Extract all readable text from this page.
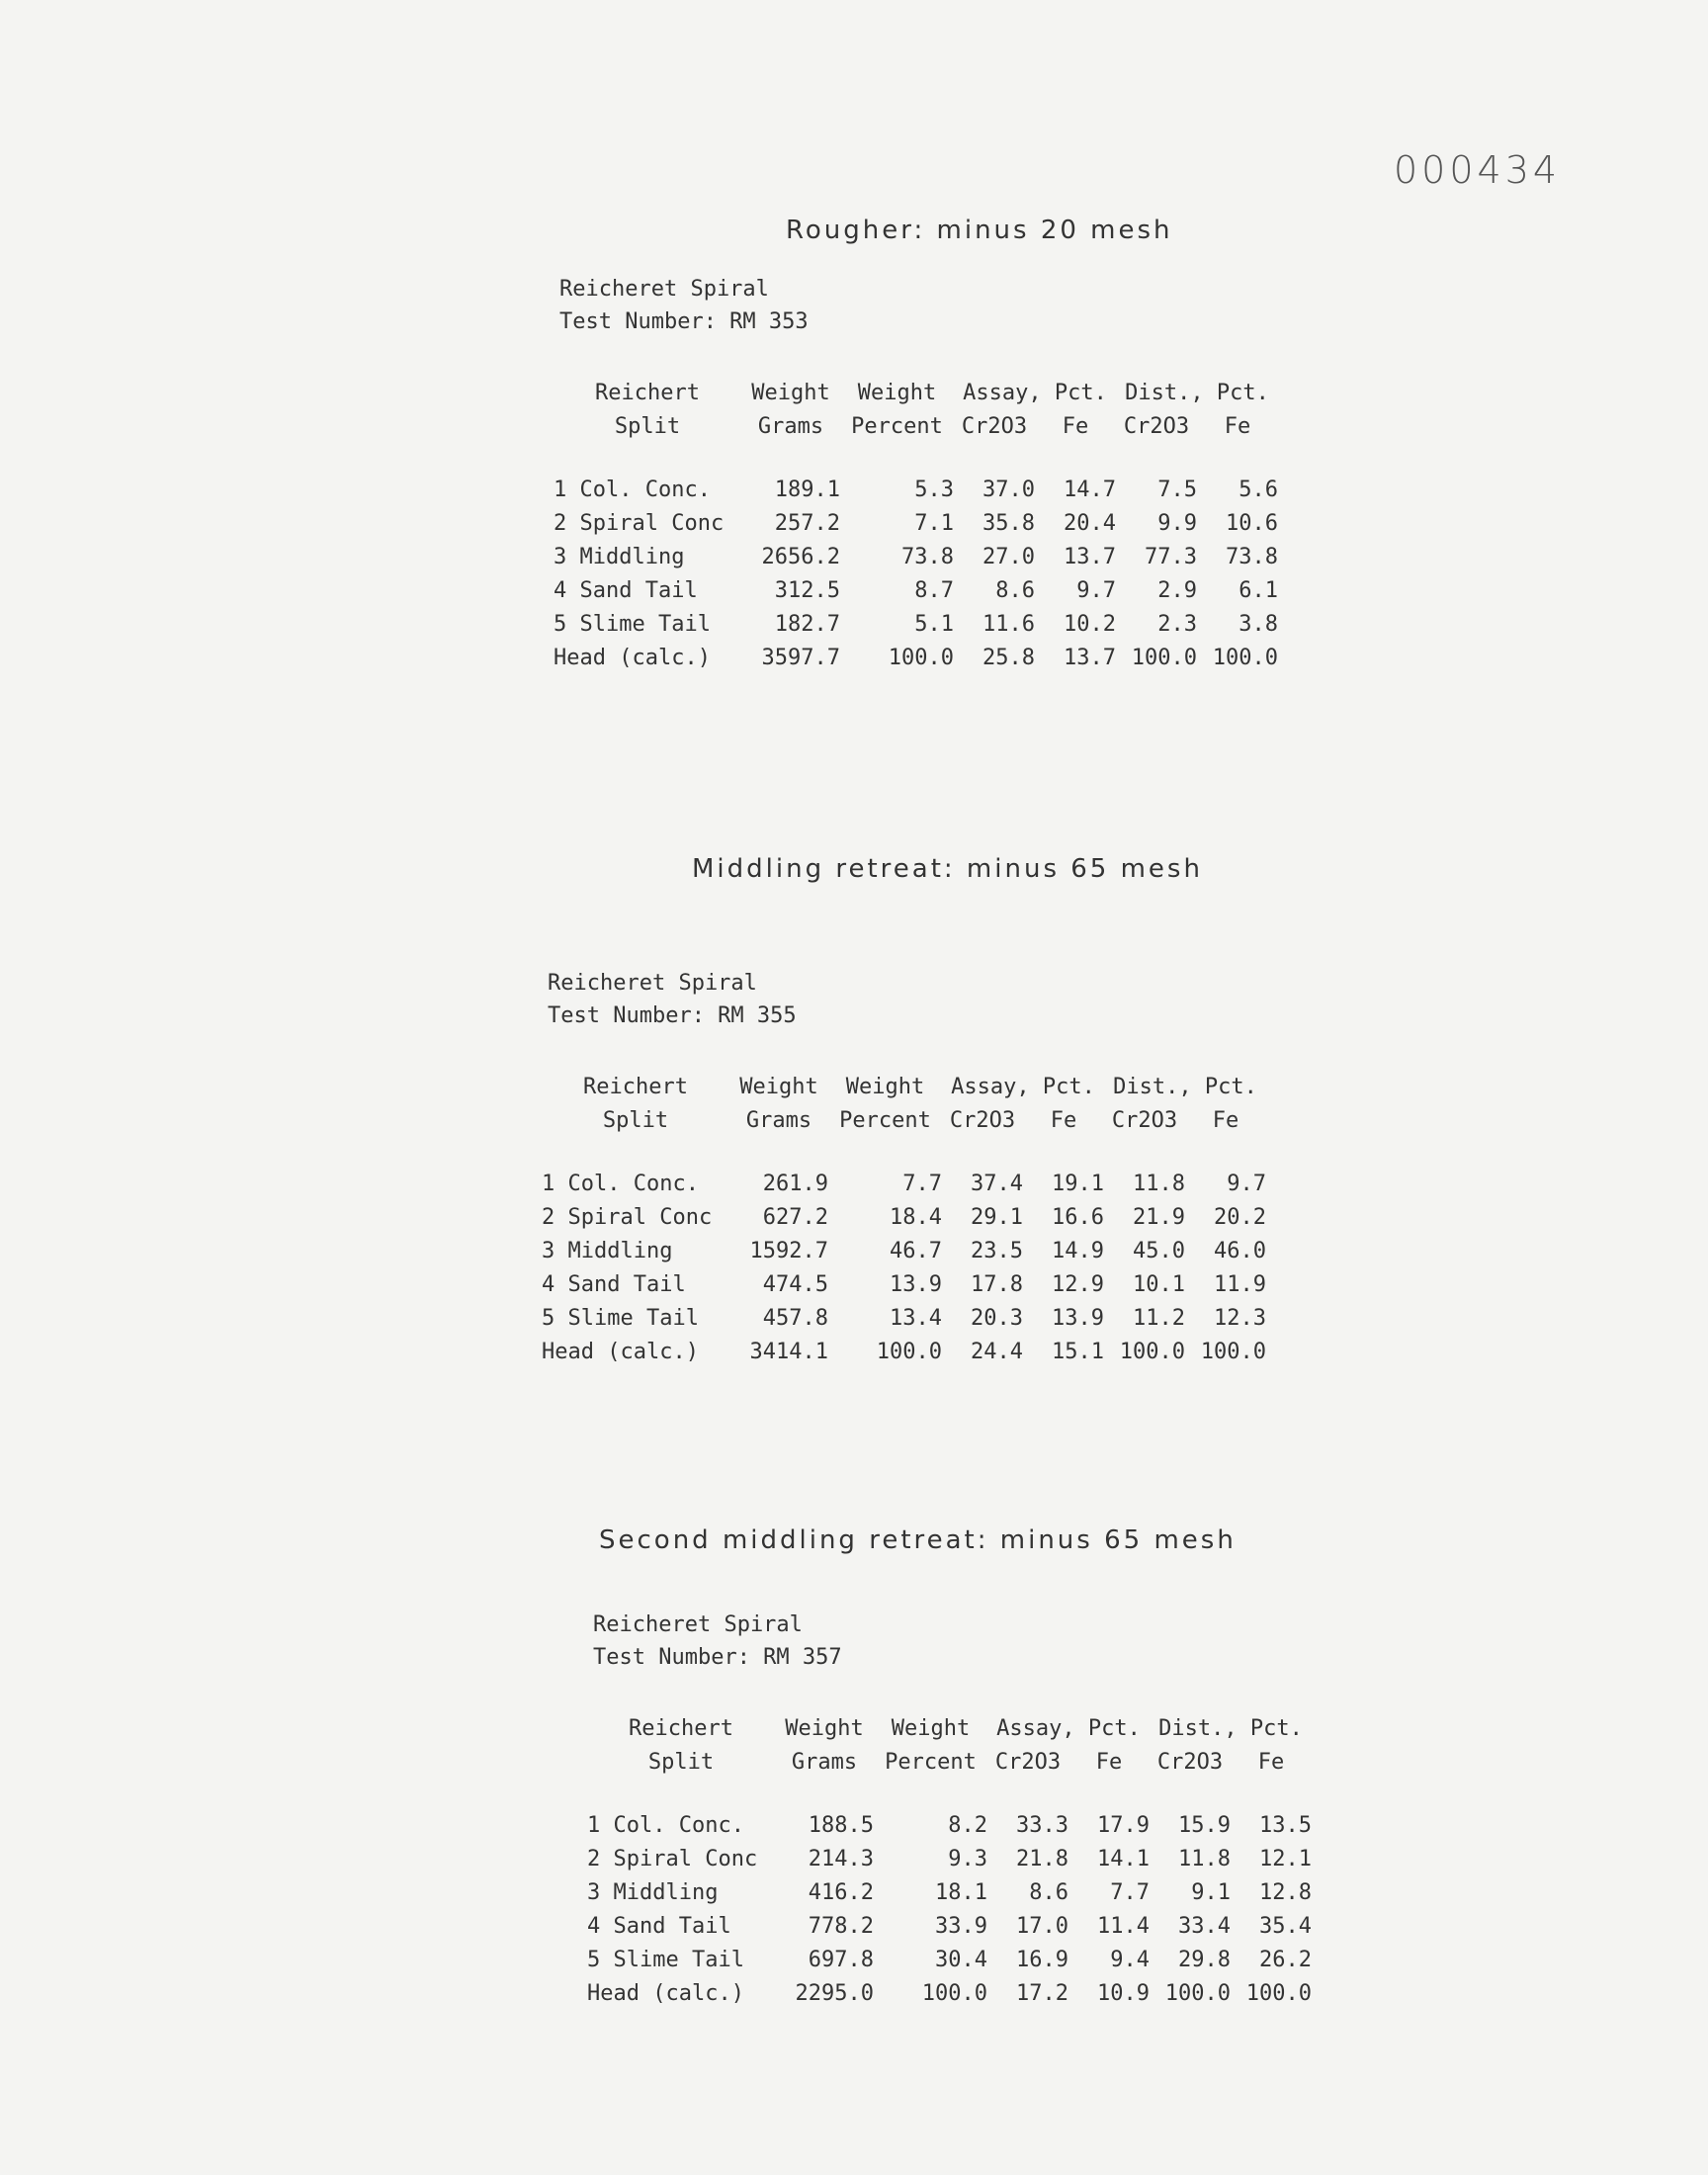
000434
Rougher: minus 20 mesh
Reicheret Spiral
Test Number: RM 353
Reichert	Weight	Weight	Assay, Pct.		Dist., Pct.	
Split	Grams	Percent	Cr2O3	Fe	Cr2O3	Fe

1 Col. Conc.	189.1	5.3	37.0	14.7	7.5	5.6
2 Spiral Conc	257.2	7.1	35.8	20.4	9.9	10.6
3 Middling	2656.2	73.8	27.0	13.7	77.3	73.8
4 Sand Tail	312.5	8.7	8.6	9.7	2.9	6.1
5 Slime Tail	182.7	5.1	11.6	10.2	2.3	3.8
Head (calc.)	3597.7	100.0	25.8	13.7	100.0	100.0
Middling retreat: minus 65 mesh
Reicheret Spiral
Test Number: RM 355
Reichert	Weight	Weight	Assay, Pct.		Dist., Pct.	
Split	Grams	Percent	Cr2O3	Fe	Cr2O3	Fe

1 Col. Conc.	261.9	7.7	37.4	19.1	11.8	9.7
2 Spiral Conc	627.2	18.4	29.1	16.6	21.9	20.2
3 Middling	1592.7	46.7	23.5	14.9	45.0	46.0
4 Sand Tail	474.5	13.9	17.8	12.9	10.1	11.9
5 Slime Tail	457.8	13.4	20.3	13.9	11.2	12.3
Head (calc.)	3414.1	100.0	24.4	15.1	100.0	100.0
Second middling retreat: minus 65 mesh
Reicheret Spiral
Test Number: RM 357
Reichert	Weight	Weight	Assay, Pct.		Dist., Pct.	
Split	Grams	Percent	Cr2O3	Fe	Cr2O3	Fe

1 Col. Conc.	188.5	8.2	33.3	17.9	15.9	13.5
2 Spiral Conc	214.3	9.3	21.8	14.1	11.8	12.1
3 Middling	416.2	18.1	8.6	7.7	9.1	12.8
4 Sand Tail	778.2	33.9	17.0	11.4	33.4	35.4
5 Slime Tail	697.8	30.4	16.9	9.4	29.8	26.2
Head (calc.)	2295.0	100.0	17.2	10.9	100.0	100.0
